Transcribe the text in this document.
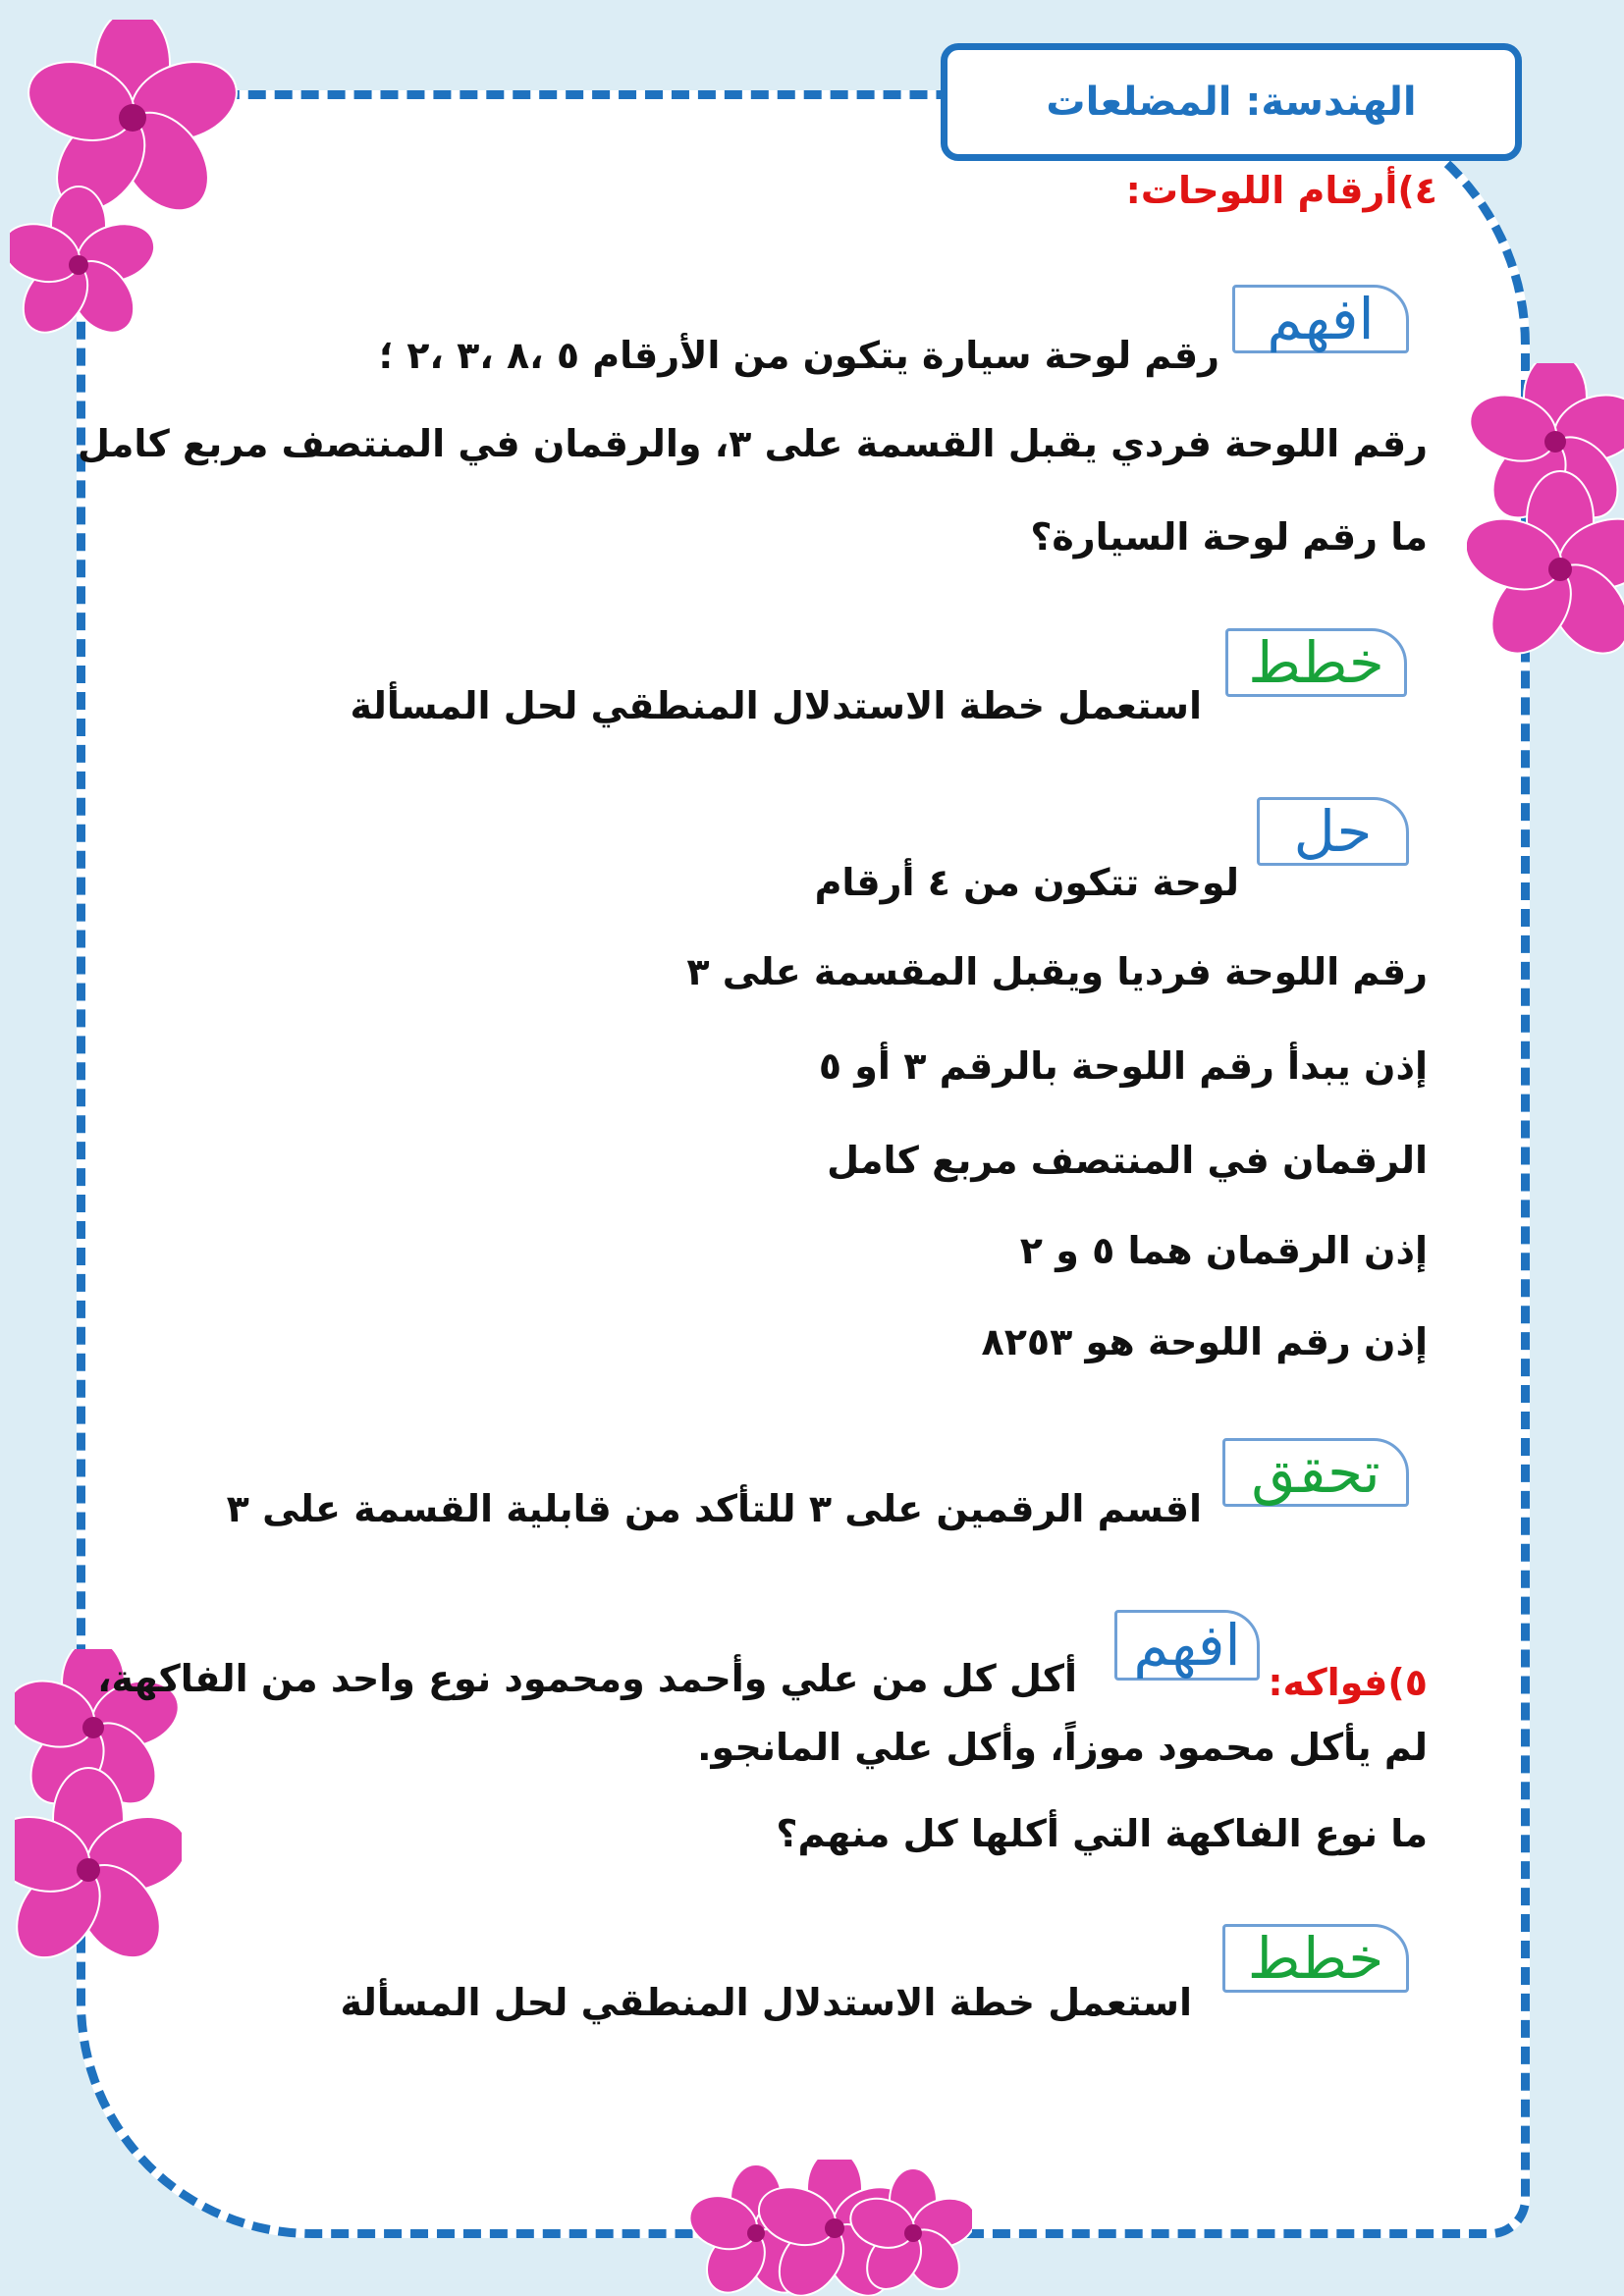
الهندسة: المضلعات
٤)أرقام اللوحات:
افهم
رقم لوحة سيارة يتكون من الأرقام ٥ ،٨ ،٣ ،٢ ؛
رقم اللوحة فردي يقبل القسمة على ٣، والرقمان في المنتصف مربع كامل
ما رقم لوحة السيارة؟
خطط
استعمل خطة الاستدلال المنطقي لحل المسألة
حل
لوحة تتكون من ٤ أرقام
رقم اللوحة فرديا ويقبل المقسمة على ٣
إذن يبدأ رقم اللوحة بالرقم ٣ أو ٥
الرقمان في المنتصف مربع كامل
إذن الرقمان هما ٥ و ٢
إذن رقم اللوحة هو ٨٢٥٣
تحقق
اقسم الرقمين على ٣ للتأكد من قابلية القسمة على ٣
٥)فواكه:
افهم
أكل كل من علي وأحمد ومحمود نوع واحد من الفاكهة،
لم يأكل محمود موزاً، وأكل علي المانجو.
ما نوع الفاكهة التي أكلها كل منهم؟
خطط
استعمل خطة الاستدلال المنطقي لحل المسألة
